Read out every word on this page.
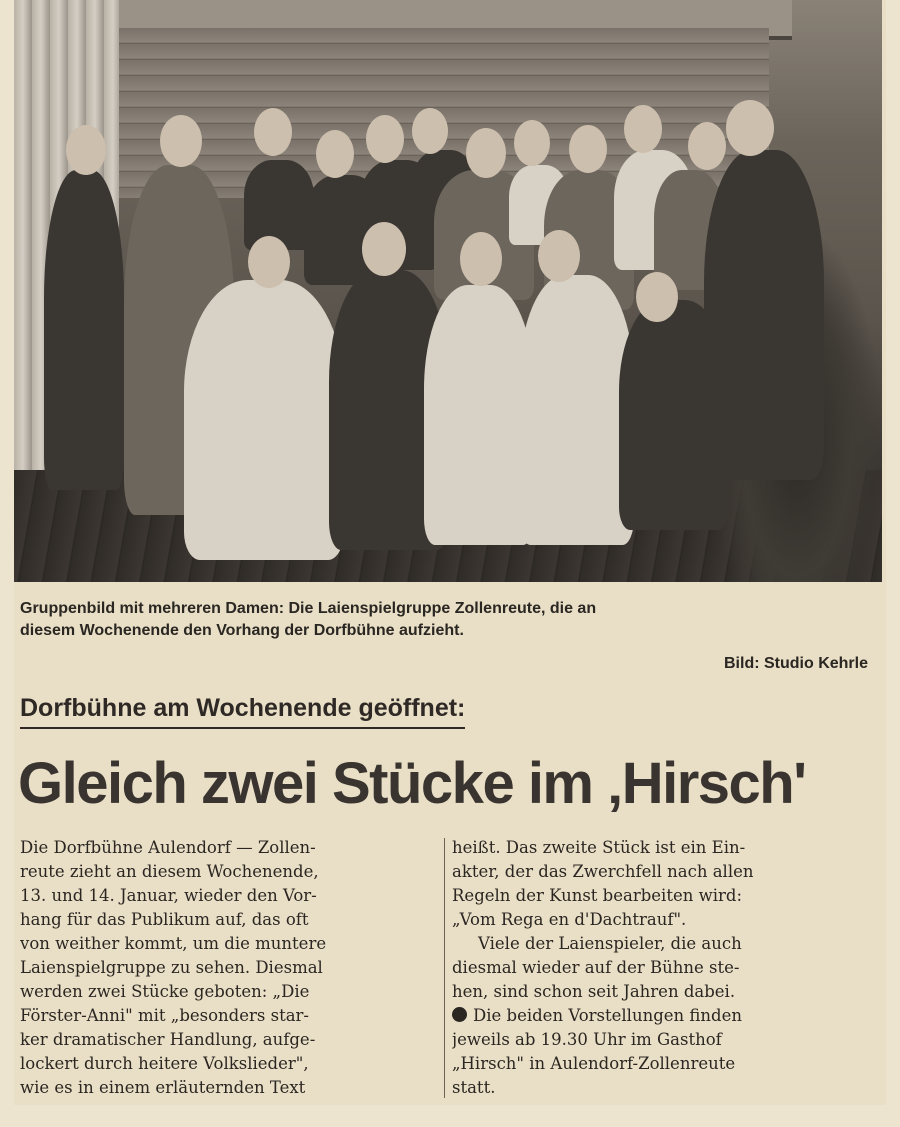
Gruppenbild mit mehreren Damen: Die Laienspielgruppe Zollenreute, die an
diesem Wochenende den Vorhang der Dorfbühne aufzieht.

Bild: Studio Kehrle

Dorfbühne am Wochenende geöffnet:
Gleich zwei Stücke im ‚Hirsch'
Die Dorfbühne Aulendorf — Zollen-
reute zieht an diesem Wochenende,
13. und 14. Januar, wieder den Vor-
hang für das Publikum auf, das oft
von weither kommt, um die muntere
Laienspielgruppe zu sehen. Diesmal
werden zwei Stücke geboten: „Die
Förster-Anni" mit „besonders star-
ker dramatischer Handlung, aufge-
lockert durch heitere Volkslieder",
wie es in einem erläuternden Text
heißt. Das zweite Stück ist ein Ein-
akter, der das Zwerchfell nach allen
Regeln der Kunst bearbeiten wird:
„Vom Rega en d'Dachtrauf".
Viele der Laienspieler, die auch
diesmal wieder auf der Bühne ste-
hen, sind schon seit Jahren dabei.
Die beiden Vorstellungen finden
jeweils ab 19.30 Uhr im Gasthof
„Hirsch" in Aulendorf-Zollenreute
statt.
